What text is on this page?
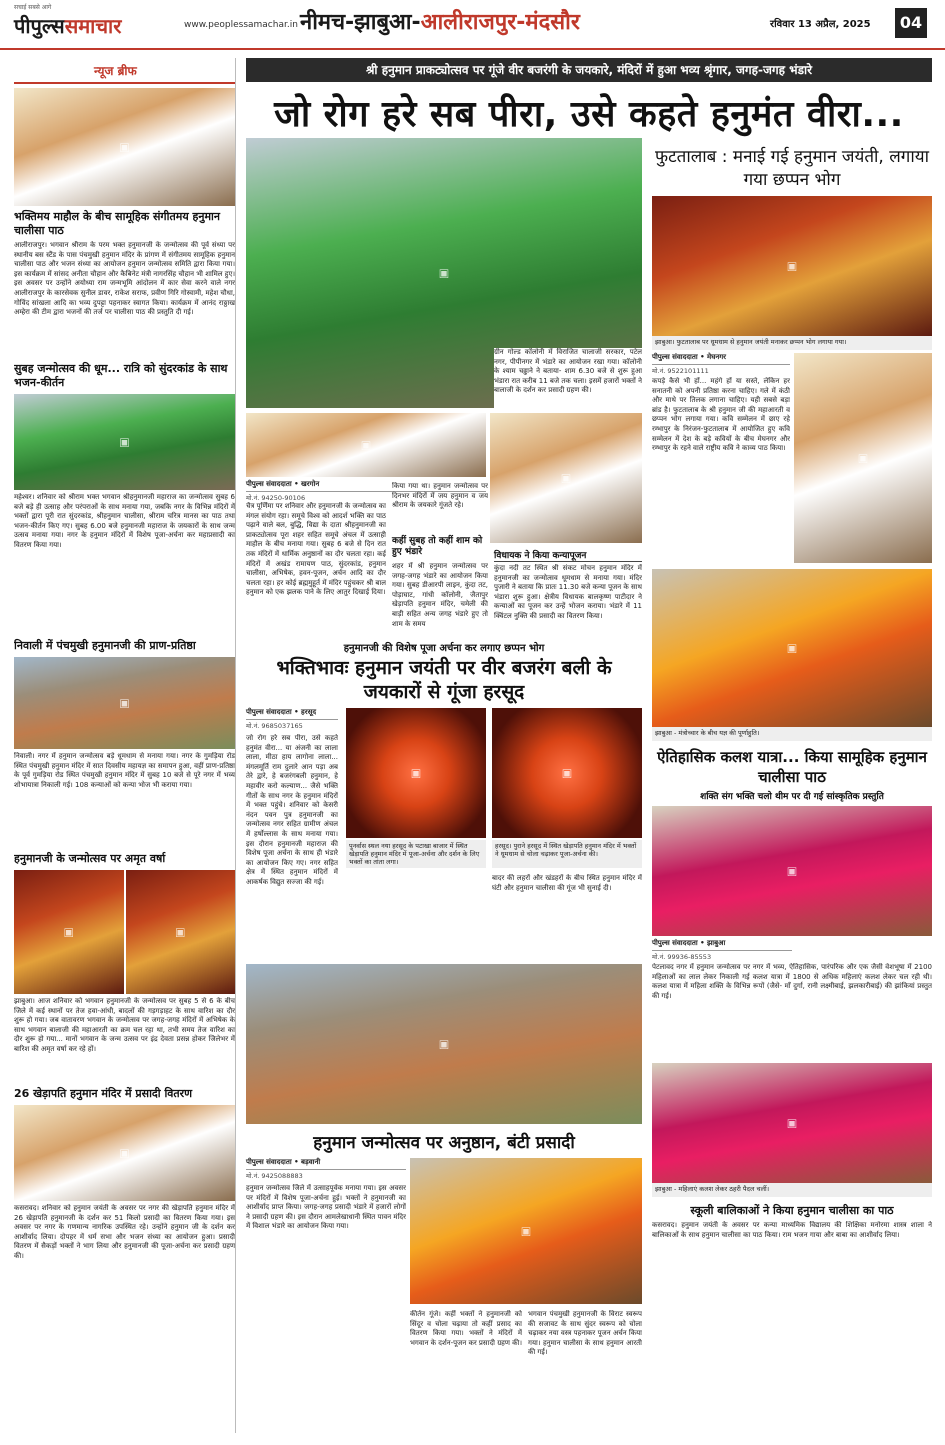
सचाई सबसे आगे
पीपुल्ससमाचार	www.peoplessamachar.in नीमच-झाबुआ-आलीराजपुर-मंदसौर	रविवार 13 अप्रैल, 2025	04
न्यूज ब्रीफ
▣
भक्तिमय माहौल के बीच सामूहिक संगीतमय हनुमान चालीसा पाठ
आलीराजपुर। भगवान श्रीराम के परम भक्त हनुमानजी के जन्मोत्सव की पूर्व संध्या पर स्थानीय बस स्टैंड के पास पंचमुखी हनुमान मंदिर के प्रांगण में संगीतमय सामूहिक हनुमान चालीसा पाठ और भजन संध्या का आयोजन हनुमान जन्मोत्सव समिति द्वारा किया गया। इस कार्यक्रम में सांसद अनीता चौहान और कैबिनेट मंत्री नागरसिंह चौहान भी शामिल हुए। इस अवसर पर उन्होंने अयोध्या राम जन्मभूमि आंदोलन में कार सेवा करने वाले नगर आलीराजपुर के कारसेवक सुनील डावर, राकेश सराफ, प्रवीण गिरि गोस्वामी, महेश चौधा, गोविंद सांखला आदि का भव्य दुपट्टा पहनाकर स्वागत किया। कार्यक्रम में आनंद राठ्ठाख अम्हेरा की टीम द्वारा भजनों की तर्ज पर चालीसा पाठ की प्रस्तुति दी गई।
सुबह जन्मोत्सव की धूम... रात्रि को सुंदरकांड के साथ भजन-कीर्तन
▣
महेश्वर। शनिवार को श्रीराम भक्त भगवान श्रीहनुमानजी महाराज का जन्मोत्सव सुबह 6 बजे बड़े ही उत्साह और परंपराओं के साथ मनाया गया, जबकि नगर के विभिन्न मंदिरों में भक्तों द्वारा पूरी रात सुंदरकांड, श्रीहनुमान चालीसा, श्रीराम चरित्र मानस का पाठ तथा भजन-कीर्तन किए गए। सुबह 6.00 बजे हनुमानजी महाराज के जयकारों के साथ जन्म उत्सव मनाया गया। नगर के हनुमान मंदिरों में विशेष पूजा-अर्चना कर महाप्रसादी का वितरण किया गया।
निवाली में पंचमुखी हनुमानजी की प्राण-प्रतिष्ठा
▣
निवाली। नगर में हनुमान जन्मोत्सव बड़े धूमधाम से मनाया गया। नगर के गुमड़िया रोड स्थित पंचमुखी हनुमान मंदिर में सात दिवसीय महायज्ञ का समापन हुआ, वहीं प्राण-प्रतिष्ठा के पूर्व गुमड़िया रोड स्थित पंचमुखी हनुमान मंदिर में सुबह 10 बजे से पूरे नगर में भव्य शोभायात्रा निकाली गई। 108 कन्याओं को कन्या भोज भी कराया गया।
हनुमानजी के जन्मोत्सव पर अमृत वर्षा
▣	▣
झाबुआ। आज शनिवार को भगवान हनुमानजी के जन्मोत्सव पर सुबह 5 से 6 के बीच जिले में कई स्थानों पर तेज हवा-आंधी, बादलों की गड़गड़ाहट के साथ वारिश का दौर शुरू हो गया। जब वातावरण भगवान के जन्मोत्सव पर जगह-जगह मंदिरों में अभिषेक के साथ भगवान बालाजी की महाआरती का क्रम चल रहा था, तभी समय तेज वारिश का दौर शुरू हो गया... मानों भगवान के जन्म उत्सव पर इंद्र देवता प्रसन्न होकर जिलेभर में बारिश की अमृत वर्षा कर रहे हों।
26 खेड़ापति हनुमान मंदिर में प्रसादी वितरण
▣
कसरावद। शनिवार को हनुमान जयंती के अवसर पर नगर की खेड़ापति हनुमान मंदिर में 26 खेड़ापति हनुमानजी के दर्शन कर 51 किलो प्रसादी का वितरण किया गया। इस अवसर पर नगर के गणमान्य नागरिक उपस्थित रहे। उन्होंने हनुमान जी के दर्शन कर आशीर्वाद लिया। दोपहर में धर्म सभा और भजन संध्या का आयोजन हुआ। प्रसादी वितरण में सैकड़ों भक्तों ने भाग लिया और हनुमानजी की पूजा-अर्चना कर प्रसादी ग्रहण की।
श्री हनुमान प्राकट्योत्सव पर गूंजे वीर बजरंगी के जयकारे, मंदिरों में हुआ भव्य श्रृंगार, जगह-जगह भंडारे
जो रोग हरे सब पीरा, उसे कहते हनुमंत वीरा...
▣
▣
▣
पीपुल्स संवाददाता • खरगोन
मो.नं. 94250-90106
चैत्र पूर्णिमा पर शनिवार और हनुमानजी के जन्मोत्सव का मंगल संयोग रहा। समूचे विश्व को आदर्श भक्ति का पाठ पढ़ाने वाले बल, बुद्धि, विद्या के दाता श्रीहनुमानजी का प्राकट्योत्सव पूरा शहर सहित समूचे अंचल में उत्साही माहौल के बीच मनाया गया। सुबह 6 बजे से दिन रात तक मंदिरों में धार्मिक अनुष्ठानों का दौर चलता रहा। कई मंदिरों में अखंड रामायण पाठ, सुंदरकांड, हनुमान चालीसा, अभिषेक, हवन-पूजन, अर्चन आदि का दौर चलता रहा। हर कोई ब्रह्ममुहूर्त में मंदिर पहुंचकर श्री बाल हनुमान को एक झलक पाने के लिए आतुर दिखाई दिया।
किया गया था। हनुमान जन्मोत्सव पर दिनभर मंदिरों में जय हनुमान व जय श्रीराम के जयकारे गूंजते रहे।
कहीं सुबह तो कहीं शाम को हुए भंडारे
शहर में श्री हनुमान जन्मोत्सव पर जगह-जगह भंडारे का आयोजन किया गया। सुबह डीआरपी लाइन, कुंदा तट, पोड़ाघाट, गांधी कॉलोनी, जैतापुर खेड़ापति हनुमान मंदिर, चमेली की बाड़ी सहित अन्य जगह भंडारे हुए तो शाम के समय
ग्रीन गोल्ड कॉलोनी में विराजित चालाजी सरकार, पटेल नगर, पीपीनगर में भंडारे का आयोजन रखा गया। कॉलोनी के श्याम चढ्ढाने ने बताया- शाम 6.30 बजे से शुरू हुआ भंडारा रात करीब 11 बजे तक चला। इसमें हजारों भक्तों ने बालाजी के दर्शन कर प्रसादी ग्रहण की।
विधायक ने किया कन्यापूजन
कुंदा नदी तट स्थित श्री संकट मोचन हनुमान मंदिर में हनुमानजी का जन्मोत्सव धूमधाम से मनाया गया। मंदिर पुजारी ने बताया कि प्रातः 11.30 बजे कन्या पूजन के साथ भंडारा शुरू हुआ। क्षेत्रीय विधायक बालकृष्ण पाटीदार ने कन्याओं का पूजन कर उन्हें भोजन कराया। भंडारे में 11 क्विंटल नुक्ति की प्रसादी का वितरण किया।
हनुमानजी की विशेष पूजा अर्चना कर लगाए छप्पन भोग
भक्तिभावः हनुमान जयंती पर वीर बजरंग बली के जयकारों से गूंजा हरसूद
पीपुल्स संवाददाता • हरसूद
मो.नं. 9685037165
जो रोग हरे सब पीरा, उसे कहते हनुमंत वीरा... या अंजनी का लाला लाला, मीठा हाय लागोना लाला... मंगलमूर्ति राम दुलारे आन पड़ा अब तेरे द्वारे, हे बजरंगबली हनुमान, हे महावीर करो कल्याण... जैसे भक्ति गीतों के साथ नगर के हनुमान मंदिरों में भक्त पहुंचे। शनिवार को केसरी नंदन पवन पुत्र हनुमानजी का जन्मोत्सव नगर सहित ग्रामीण अंचल में हर्षोल्लास के साथ मनाया गया। इस दौरान हनुमानजी महाराज की विशेष पूजा अर्चना के साथ ही भंडारे का आयोजन किए गए। नगर सहित क्षेत्र में स्थित हनुमान मंदिरों में आकर्षक विद्युत सज्जा की गई।
▣
पुनर्वास स्थल नया हरसूद के पटाखा बाजार में स्थित खेड़ापति हनुमान मंदिर में पूजा-अर्चना और दर्शन के लिए भक्तों का तांता लगा।
▣
हरसूद। पुराने हरसूद में स्थित खेड़ापति हनुमान मंदिर में भक्तों ने धूमधाम से चोला चढ़ाकर पूजा-अर्चना की।
बादर की लहरों और खंडहरों के बीच स्थित हनुमान मंदिर में घंटी और हनुमान चालीसा की गूंज भी सुनाई दी।
▣
हनुमान जन्मोत्सव पर अनुष्ठान, बंटी प्रसादी
पीपुल्स संवाददाता • बड़वानी
मो.नं. 9425088883
▣
हनुमान जन्मोत्सव जिले में उत्साहपूर्वक मनाया गया। इस अवसर पर मंदिरों में विशेष पूजा-अर्चना हुई। भक्तों ने हनुमानजी का आशीर्वाद प्राप्त किया। जगह-जगह प्रसादी भंडारे में हजारों लोगों ने प्रसादी ग्रहण की। इस दौरान आमलेखाधानी स्थित पावन मंदिर में विशाल भंडारे का आयोजन किया गया।
कीर्तन गूंजे। कहीं भक्तों ने हनुमानजी को सिंदूर व चोला चढ़ाया तो कहीं प्रसाद का वितरण किया गया। भक्तों ने मंदिरों में भगवान के दर्शन-पूजन कर प्रसादी ग्रहण की।
भगवान पंचमुखी हनुमानजी के विराट स्वरूप की सजावट के साथ सुंदर स्वरूप को चोला चढ़ाकर नया वस्त्र पहनाकर पूजन अर्चन किया गया। हनुमान चालीसा के साथ हनुमान आरती की गई।
फुटतालाब : मनाई गई हनुमान जयंती, लगाया गया छप्पन भोग
▣
झाबुआ। फुटतालाब पर धूमधाम से हनुमान जयंती मनाकर छप्पन भोग लगाया गया।
पीपुल्स संवाददाता • मेघनगर
मो.नं. 9522101111
कपड़े कैसे भी हों... महंगे हों या सस्ते, लेकिन हर सनातनी को अपनी प्रतिष्ठा करना चाहिए। गले में कंठी और माथे पर तिलक लगाना चाहिए। यही सबसे बड़ा ब्रांड है। फुटतालाब के श्री हनुमान जी की महाआरती व छप्पन भोग लगाया गया। कवि सम्मेलन में छाए रहे रम्भापुर के निरंजन-फुटतालाब में आयोजित हुए कवि सम्मेलन में देश के बड़े कवियों के बीच मेघनगर और रम्भापुर के रहने वाले राष्ट्रीय कवि ने काव्य पाठ किया।
▣
▣
झाबुआ - मंत्रोच्चार के बीच यज्ञ की पूर्णाहुति।
ऐतिहासिक कलश यात्रा... किया सामूहिक हनुमान चालीसा पाठ
शक्ति संग भक्ति चलो थीम पर दी गई सांस्कृतिक प्रस्तुति
▣
पीपुल्स संवाददाता • झाबुआ
मो.नं. 99936-85553
पेटलावद नगर में हनुमान जन्मोत्सव पर नगर में भव्य, ऐतिहासिक, पारंपरिक और एक जैसी वेशभूषा में 2100 महिलाओं का लाल लेकर निकाली गई कलश यात्रा में 1800 से अधिक महिलाएं कलश लेकर चल रही थी। कलश यात्रा में महिला शक्ति के विभिन्न रूपों (जैसे- माँ दुर्गा, रानी लक्ष्मीबाई, झलकारीबाई) की झांकियां प्रस्तुत की गई।
▣
झाबुआ - महिलाएं कलश लेकर ठहरी पैदल चलीं।
स्कूली बालिकाओं ने किया हनुमान चालीसा का पाठ
कसरावद। हनुमान जयंती के अवसर पर कन्या माध्यमिक विद्यालय की शिक्षिका मनोरमा शास्त्र शाला ने बालिकाओं के साथ हनुमान चालीसा का पाठ किया। राम भजन गाया और बाबा का आशीर्वाद लिया।
